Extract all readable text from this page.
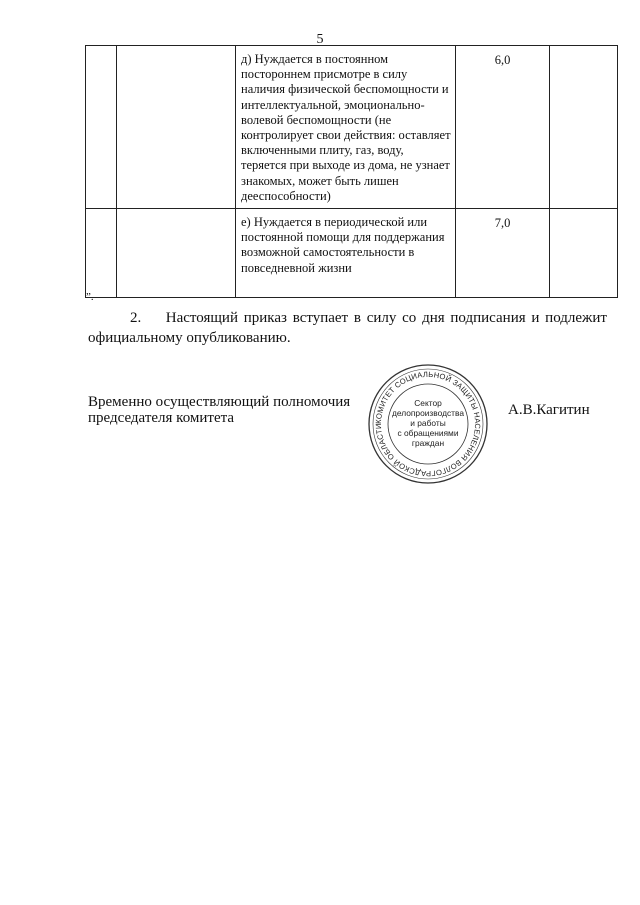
5
		д) Нуждается в постоянном постороннем присмотре в силу наличия физической беспомощности и интеллектуальной, эмоционально-волевой беспомощности (не контролирует свои действия: оставляет включенными плиту, газ, воду, теряется при выходе из дома, не узнает знакомых, может быть лишен дееспособности)	6,0	
		е) Нуждается в периодической или постоянной помощи для поддержания возможной самостоятельности в повседневной жизни	7,0	
”.
2. Настоящий приказ вступает в силу со дня подписания и подлежит официальному опубликованию.
Временно осуществляющий полномочия
председателя комитета	КОМИТЕТ СОЦИАЛЬНОЙ ЗАЩИТЫ НАСЕЛЕНИЯ ВОЛГОГРАДСКОЙ ОБЛАСТИ
Сектор
делопроизводства
и работы
с обращениями
граждан
А.В.Кагитин
